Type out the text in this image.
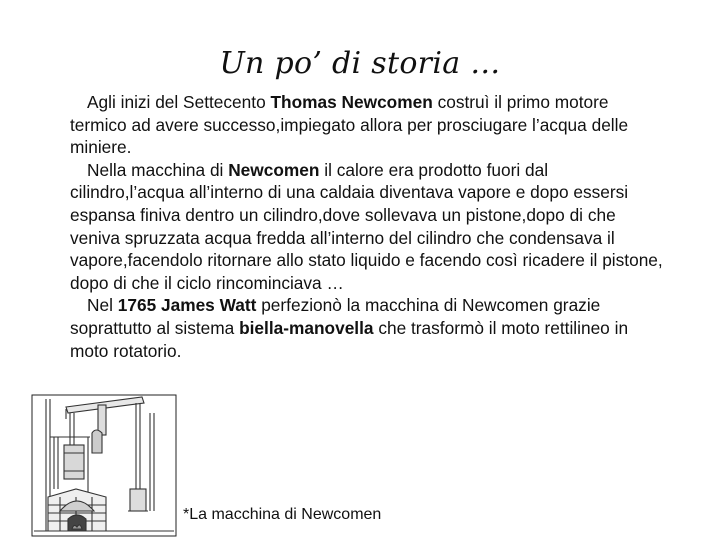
Un po’ di storia …

Agli inizi del Settecento Thomas Newcomen costruì il primo motore termico ad avere successo,impiegato allora per prosciugare l’acqua delle miniere.

Nella macchina di Newcomen il calore era prodotto fuori dal cilindro,l’acqua all’interno di una caldaia diventava vapore e dopo essersi espansa finiva dentro un cilindro,dove sollevava un pistone,dopo di che veniva spruzzata acqua fredda all’interno del cilindro che condensava il vapore,facendolo ritornare allo stato liquido e facendo così ricadere il pistone, dopo di che il ciclo rincominciava …

Nel 1765 James Watt perfezionò la macchina di Newcomen grazie soprattutto al sistema biella-manovella che trasformò il moto rettilineo in moto rotatorio.

*La macchina di Newcomen
